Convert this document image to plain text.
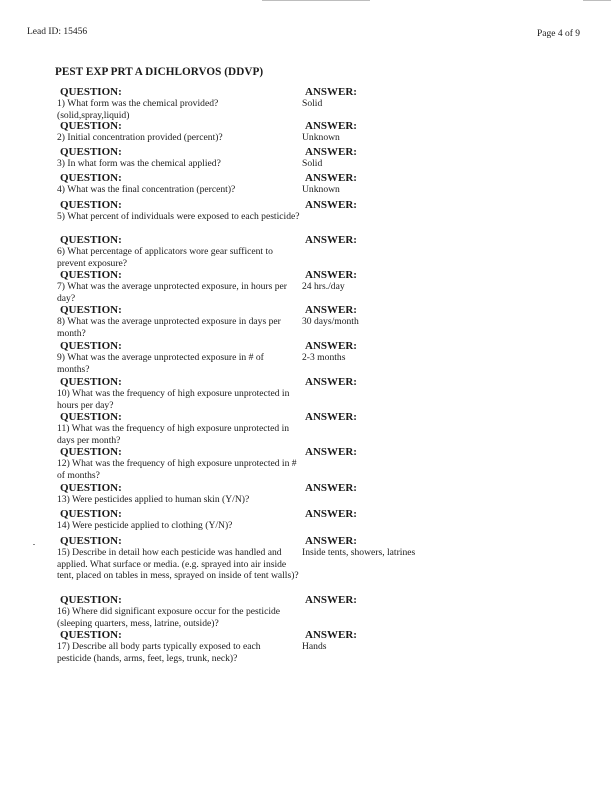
Lead ID: 15456	Page 4 of 9
PEST EXP PRT A DICHLORVOS (DDVP)
QUESTION:	ANSWER:
1) What form was the chemical provided?(solid,spray,liquid)
Solid
QUESTION:	ANSWER:
2) Initial concentration provided (percent)?	Unknown
QUESTION:	ANSWER:
3) In what form was the chemical applied?	Solid
QUESTION:	ANSWER:
4) What was the final concentration (percent)?	Unknown
QUESTION:	ANSWER:
5) What percent of individuals were exposed to each pesticide?
QUESTION:	ANSWER:
6) What percentage of applicators wore gear sufficent to prevent exposure?
QUESTION:	ANSWER:
7) What was the average unprotected exposure, in hours per day?
24 hrs./day
QUESTION:	ANSWER:
8) What was the average unprotected exposure in days per month?
30 days/month
QUESTION:	ANSWER:
9) What was the average unprotected exposure in # of months?
2-3 months
QUESTION:	ANSWER:
10) What was the frequency of high exposure unprotected in hours per day?
QUESTION:	ANSWER:
11) What was the frequency of high exposure unprotected in days per month?
QUESTION:	ANSWER:
12) What was the frequency of high exposure unprotected in # of months?
QUESTION:	ANSWER:
13) Were pesticides applied to human skin (Y/N)?
QUESTION:	ANSWER:
14) Were pesticide applied to clothing (Y/N)?
QUESTION:	ANSWER:
15) Describe in detail how each pesticide was handled and applied. What surface or media. (e.g. sprayed into air inside tent, placed on tables in mess, sprayed on inside of tent walls)?
Inside tents, showers, latrines
QUESTION:	ANSWER:
16) Where did significant exposure occur for the pesticide (sleeping quarters, mess, latrine, outside)?
QUESTION:	ANSWER:
17) Describe all body parts typically exposed to each pesticide (hands, arms, feet, legs, trunk, neck)?
Hands
